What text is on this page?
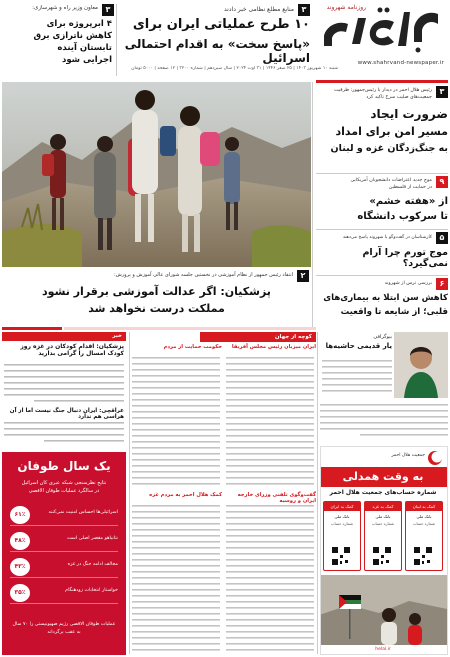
روزنامه شهروند
www.shahrvand-newspaper.ir
شنبه ۱۰ شهریور ۱۴۰۳ | ۲۵ صفر ۱۴۴۶ | ۳۱ اوت ۲۰۲۴ | سال سیزدهم | شماره ۳۲۰۰ | ۱۲ صفحه | ۵۰۰۰ تومان
۳
منابع مطلع نظامی خبر دادند
۱۰ طرح عملیاتی ایران برای
«پاسخ سخت» به اقدام احتمالی اسرائیل
۳
معاون وزیر راه و شهرسازی:
۴ ابرپروژه برای
کاهش ناترازی برق
تابستان آینده
اجرایی شود
۳
رئیس هلال احمر در دیدار با رئیس‌جمهور: ظرفیت
جمعیت‌های صلیب سرخ تاکید کرد
ضرورت ایجاد
مسیر امن برای امداد
به جنگ‌زدگان غزه و لبنان
۹
موج جدید اعتراضات دانشجویان آمریکایی
در حمایت از فلسطین
از «هفته خشم»
تا سرکوب دانشگاه
۵
کارشناسان در گفت‌وگو با شهروند پاسخ می‌دهند
موج تورم چرا آرام نمی‌گیرد؟
۶
بررسی ترس از شهروند
کاهش سن ابتلا به بیماری‌های
قلبی؛ از شایعه تا واقعیت
۲
انتقاد رئیس جمهور از نظام آموزشی در نخستین جلسه شورای عالی آموزش و پرورش:
پزشکیان: اگر عدالت آموزشی برقرار نشود
مملکت درست نخواهد شد
کوچه از جهان
خبر
پزشکیان: اقدام کودکان در غزه روز کودک امسال را گرامی بدارید
عراقچی: ایران دنبال جنگ نیست اما از آن هراسی هم ندارد
یک سال طوفان
نتایج نظرسنجی شبکه عبری کان اسرائیل
در سالگرد عملیات طوفان الاقصی
۶۱٪	اسرائیلی‌ها احساس امنیت نمی‌کنند
۴۸٪	نتانیاهو مقصر اصلی است
۴۳٪	مخالف ادامه جنگ در غزه
۳۵٪	خواستار انتخابات زودهنگام
عملیات طوفان الاقصی رژیم صهیونیستی را ۷۰ سال
به عقب برگرداند
ایران میزبان رئیس مجلس آفریقا
حکومت حمایت از مردم
گفت‌وگوی تلفنی وزرای خارجه ایران و روسیه
کمک هلال احمر به مردم غزه
بیوگرافی
یار قدیمی حاشیه‌ها
جمعیت هلال احمر
به وقت همدلی
شماره حساب‌های جمعیت هلال احمر
کمک به لبنان
بانک ملی
شماره حساب
کمک به غزه
بانک ملی
شماره حساب
کمک به ایران
بانک ملی
شماره حساب
helal.ir
